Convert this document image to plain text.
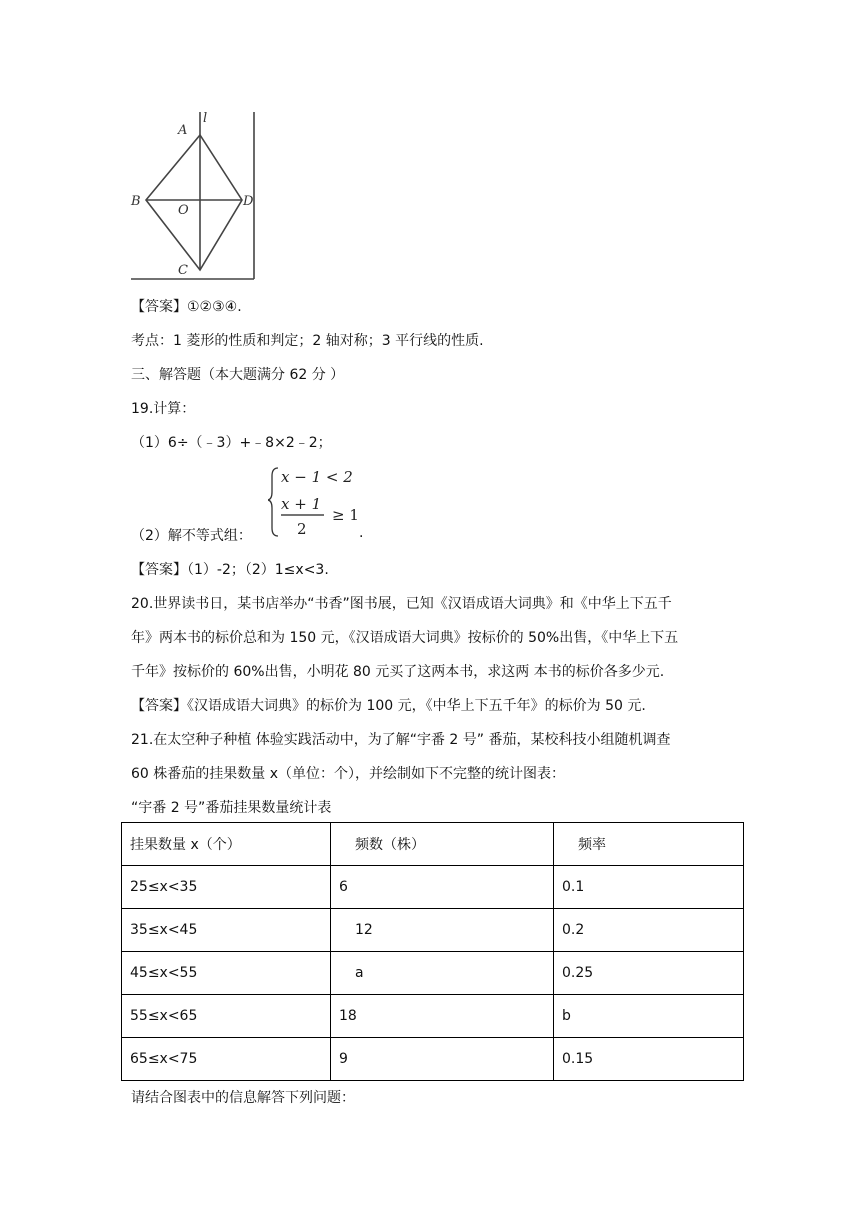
l
A
B
O
D
C
【答案】①②③④.
考点：1 菱形的性质和判定；2 轴对称；3 平行线的性质.
三、解答题（本大题满分 62 分 ）
19.计算：
（1）6÷（﹣3）+﹣8×2﹣2；
（2）解不等式组：
x − 1 < 2
x + 1
2
≥ 1
.
【答案】（1）-2；（2）1≤x<3.
20.世界读书日，某书店举办“书香”图书展，已知《汉语成语大词典》和《中华上下五千
年》两本书的标价总和为 150 元，《汉语成语大词典》按标价的 50%出售，《中华上下五
千年》按标价的 60%出售，小明花 80 元买了这两本书，求这两 本书的标价各多少元.
【答案】《汉语成语大词典》的标价为 100 元，《中华上下五千年》的标价为 50 元.
21.在太空种子种植 体验实践活动中，为了解“宇番 2 号” 番茄，某校科技小组随机调查
60 株番茄的挂果数量 x（单位：个），并绘制如下不完整的统计图表：
“宇番 2 号”番茄挂果数量统计表
挂果数量 x（个）	频数（株）	频率
25≤x<35	6	0.1
35≤x<45	12	0.2
45≤x<55	a	0.25
55≤x<65	18	b
65≤x<75	9	0.15
请结合图表中的信息解答下列问题：
